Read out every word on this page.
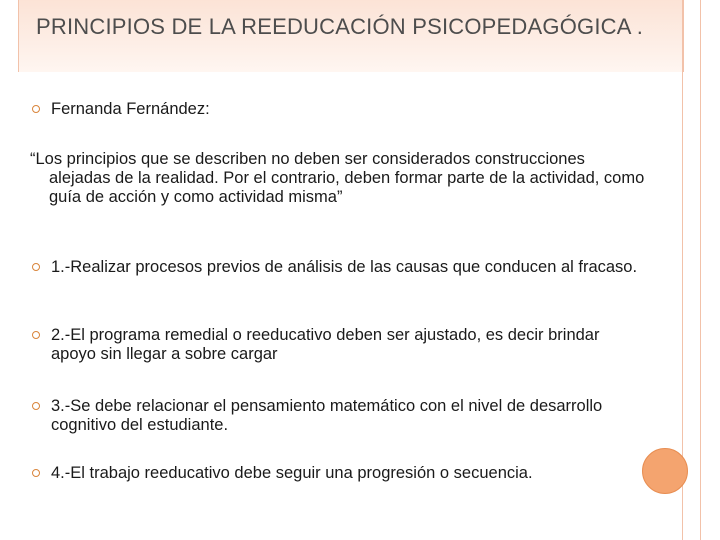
PRINCIPIOS DE LA REEDUCACIÓN PSICOPEDAGÓGICA .
Fernanda Fernández:
“Los principios que se describen no deben ser considerados construcciones alejadas de la realidad. Por el contrario, deben formar parte de la actividad, como guía de acción y como actividad misma”
1.-Realizar procesos previos de análisis de las causas que conducen al fracaso.
2.-El programa remedial o reeducativo deben ser ajustado, es decir brindar apoyo sin llegar a sobre cargar
3.-Se debe relacionar el pensamiento matemático con el nivel de desarrollo cognitivo del estudiante.
4.-El trabajo reeducativo debe seguir una progresión o secuencia.
